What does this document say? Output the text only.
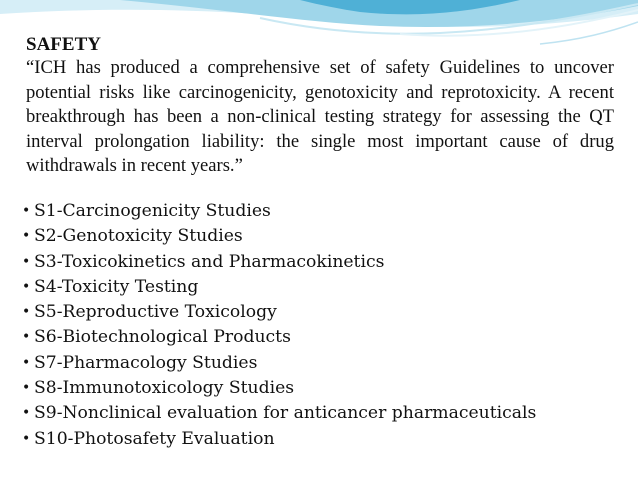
SAFETY

“ICH has produced a comprehensive set of safety Guidelines to uncover potential risks like carcinogenicity, genotoxicity and reprotoxicity. A recent breakthrough has been a non-clinical testing strategy for assessing the QT interval prolongation liability: the single most important cause of drug withdrawals in recent years.”

• S1-Carcinogenicity Studies
• S2-Genotoxicity Studies
• S3-Toxicokinetics and Pharmacokinetics
• S4-Toxicity Testing
• S5-Reproductive Toxicology
• S6-Biotechnological Products
• S7-Pharmacology Studies
• S8-Immunotoxicology Studies
• S9-Nonclinical evaluation for anticancer pharmaceuticals
• S10-Photosafety Evaluation
